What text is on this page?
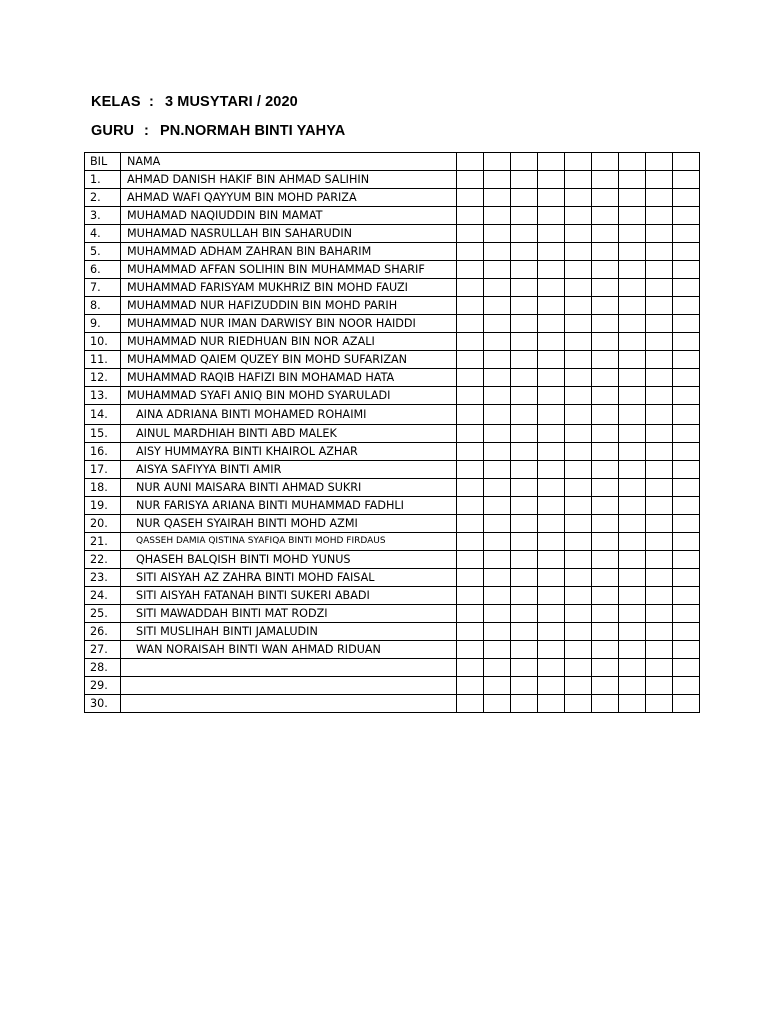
KELAS : 3 MUSYTARI / 2020
GURU : PN.NORMAH BINTI YAHYA
BIL	NAMA									
1.	AHMAD DANISH HAKIF BIN AHMAD SALIHIN									
2.	AHMAD WAFI QAYYUM BIN MOHD PARIZA									
3.	MUHAMAD NAQIUDDIN BIN MAMAT									
4.	MUHAMAD NASRULLAH BIN SAHARUDIN									
5.	MUHAMMAD ADHAM ZAHRAN BIN BAHARIM									
6.	MUHAMMAD AFFAN SOLIHIN BIN MUHAMMAD SHARIF									
7.	MUHAMMAD FARISYAM MUKHRIZ BIN MOHD FAUZI									
8.	MUHAMMAD NUR HAFIZUDDIN BIN MOHD PARIH									
9.	MUHAMMAD NUR IMAN DARWISY BIN NOOR HAIDDI									
10.	MUHAMMAD NUR RIEDHUAN BIN NOR AZALI									
11.	MUHAMMAD QAIEM QUZEY BIN MOHD SUFARIZAN									
12.	MUHAMMAD RAQIB HAFIZI BIN MOHAMAD HATA									
13.	MUHAMMAD SYAFI ANIQ BIN MOHD SYARULADI									
14.	AINA ADRIANA BINTI MOHAMED ROHAIMI									
15.	AINUL MARDHIAH BINTI ABD MALEK									
16.	AISY HUMMAYRA BINTI KHAIROL AZHAR									
17.	AISYA SAFIYYA BINTI AMIR									
18.	NUR AUNI MAISARA BINTI AHMAD SUKRI									
19.	NUR FARISYA ARIANA BINTI MUHAMMAD FADHLI									
20.	NUR QASEH SYAIRAH BINTI MOHD AZMI									
21.	QASSEH DAMIA QISTINA SYAFIQA BINTI MOHD FIRDAUS									
22.	QHASEH BALQISH BINTI MOHD YUNUS									
23.	SITI AISYAH AZ ZAHRA BINTI MOHD FAISAL									
24.	SITI AISYAH FATANAH BINTI SUKERI ABADI									
25.	SITI MAWADDAH BINTI MAT RODZI									
26.	SITI MUSLIHAH BINTI JAMALUDIN									
27.	WAN NORAISAH BINTI WAN AHMAD RIDUAN									
28.										
29.										
30.										
